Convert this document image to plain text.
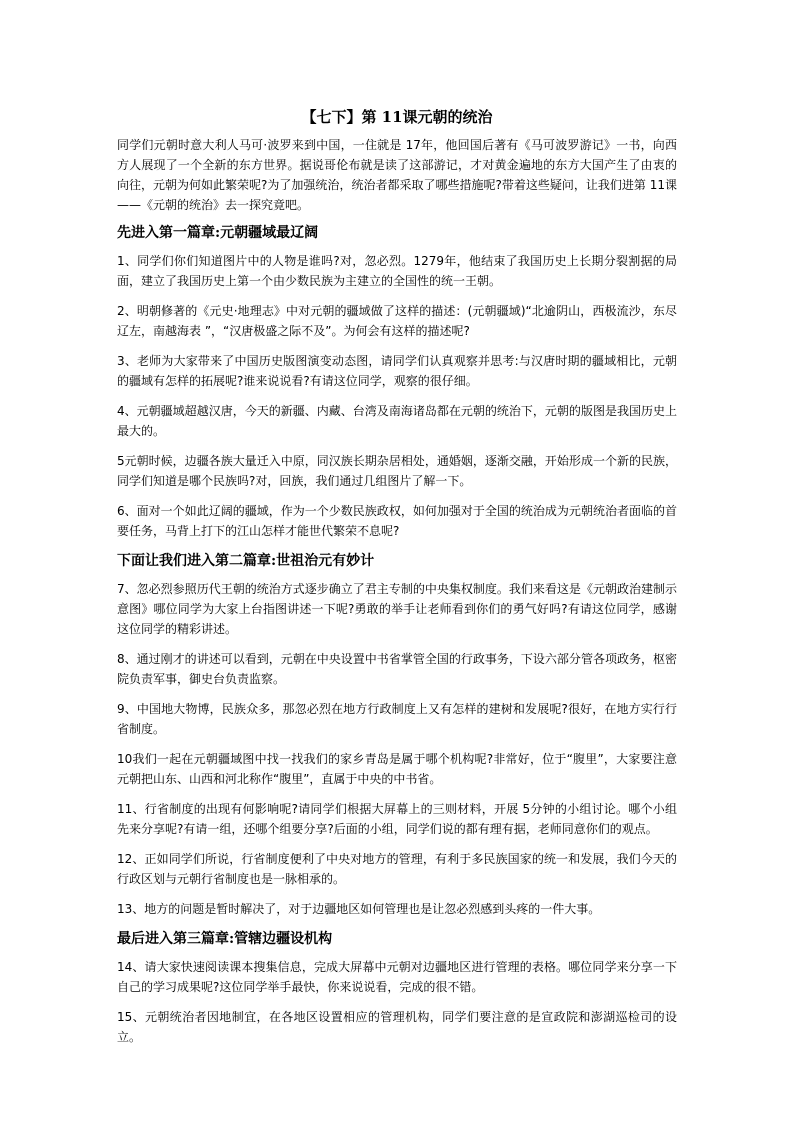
【七下】第 11课元朝的统治
同学们元朝时意大利人马可·波罗来到中国，一住就是 17年，他回国后著有《马可波罗游记》一书，向西方人展现了一个全新的东方世界。据说哥伦布就是读了这部游记，才对黄金遍地的东方大国产生了由衷的向往，元朝为何如此繁荣呢?为了加强统治，统治者都采取了哪些措施呢?带着这些疑问，让我们进第 11课——《元朝的统治》去一探究竟吧。
先进入第一篇章:元朝疆域最辽阔
1、同学们你们知道图片中的人物是谁吗?对，忽必烈。1279年，他结束了我国历史上长期分裂割据的局面，建立了我国历史上第一个由少数民族为主建立的全国性的统一王朝。
2、明朝修著的《元史·地理志》中对元朝的疆域做了这样的描述：(元朝疆域)“北逾阴山，西极流沙，东尽辽左，南越海表 ”，“汉唐极盛之际不及”。为何会有这样的描述呢?
3、老师为大家带来了中国历史版图演变动态图，请同学们认真观察并思考:与汉唐时期的疆域相比，元朝的疆域有怎样的拓展呢?谁来说说看?有请这位同学，观察的很仔细。
4、元朝疆域超越汉唐，今天的新疆、内藏、台湾及南海诸岛都在元朝的统治下，元朝的版图是我国历史上最大的。
5元朝时候，边疆各族大量迁入中原，同汉族长期杂居相处，通婚姻，逐渐交融，开始形成一个新的民族，同学们知道是哪个民族吗?对，回族，我们通过几组图片了解一下。
6、面对一个如此辽阔的疆域，作为一个少数民族政权，如何加强对于全国的统治成为元朝统治者面临的首要任务，马背上打下的江山怎样才能世代繁荣不息呢?
下面让我们进入第二篇章:世祖治元有妙计
7、忽必烈参照历代王朝的统治方式逐步确立了君主专制的中央集权制度。我们来看这是《元朝政治建制示意图》哪位同学为大家上台指图讲述一下呢?勇敢的举手让老师看到你们的勇气好吗?有请这位同学，感谢这位同学的精彩讲述。
8、通过刚才的讲述可以看到，元朝在中央设置中书省掌管全国的行政事务，下设六部分管各项政务，枢密院负责军事，御史台负责监察。
9、中国地大物博，民族众多，那忽必烈在地方行政制度上又有怎样的建树和发展呢?很好，在地方实行行省制度。
10我们一起在元朝疆域图中找一找我们的家乡青岛是属于哪个机构呢?非常好，位于“腹里”，大家要注意元朝把山东、山西和河北称作“腹里”，直属于中央的中书省。
11、行省制度的出现有何影响呢?请同学们根据大屏幕上的三则材料，开展 5分钟的小组讨论。哪个小组先来分享呢?有请一组，还哪个组要分享?后面的小组，同学们说的都有理有据，老师同意你们的观点。
12、正如同学们所说，行省制度便利了中央对地方的管理，有利于多民族国家的统一和发展，我们今天的行政区划与元朝行省制度也是一脉相承的。
13、地方的问题是暂时解决了，对于边疆地区如何管理也是让忽必烈感到头疼的一件大事。
最后进入第三篇章:管辖边疆设机构
14、请大家快速阅读课本搜集信息，完成大屏幕中元朝对边疆地区进行管理的表格。哪位同学来分享一下自己的学习成果呢?这位同学举手最快，你来说说看，完成的很不错。
15、元朝统治者因地制宜，在各地区设置相应的管理机构，同学们要注意的是宣政院和澎湖巡检司的设立。
